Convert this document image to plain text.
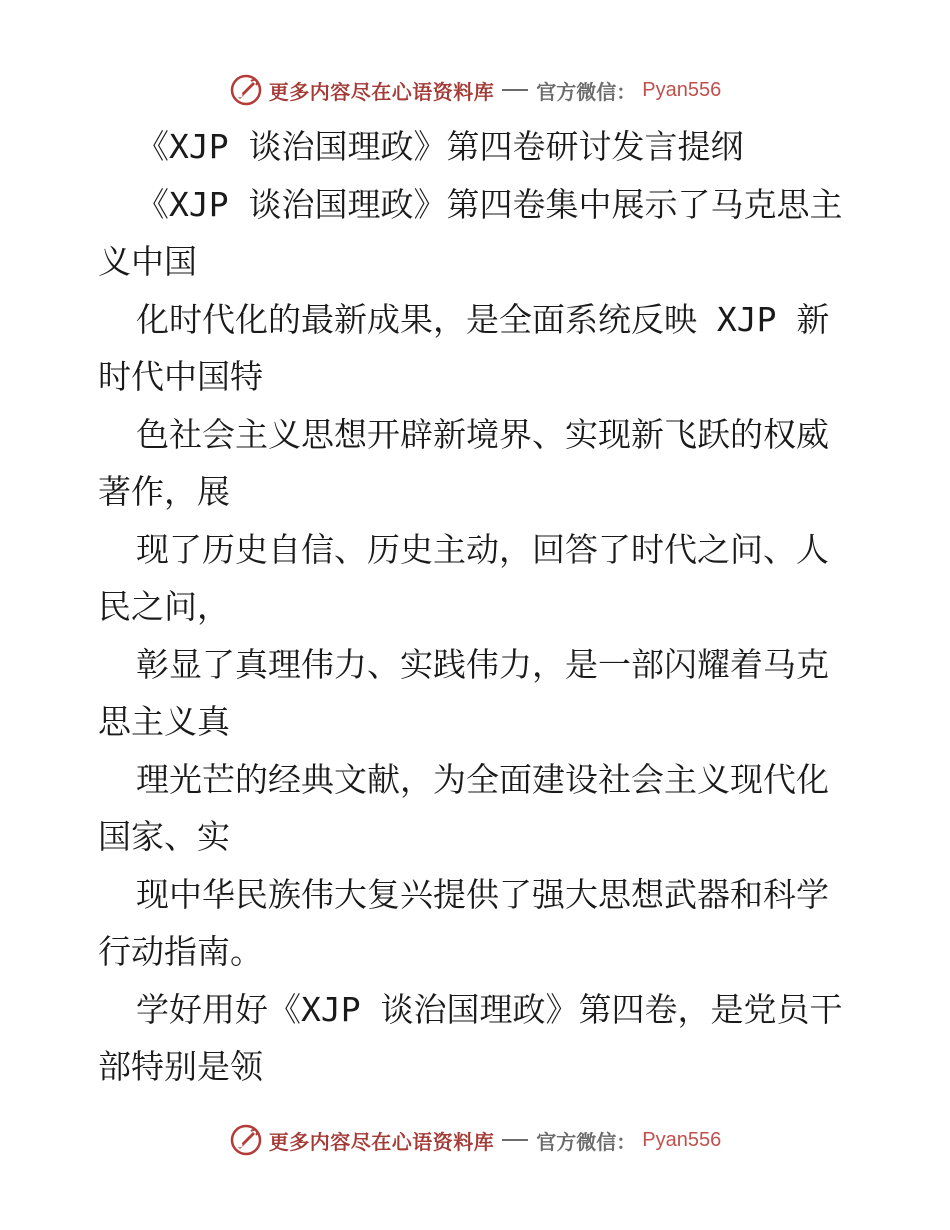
更多内容尽在心语资料库 官方微信： Pyan556
《XJP 谈治国理政》第四卷研讨发言提纲
《XJP 谈治国理政》第四卷集中展示了马克思主
义中国
化时代化的最新成果，是全面系统反映 XJP 新
时代中国特
色社会主义思想开辟新境界、实现新飞跃的权威
著作，展
现了历史自信、历史主动，回答了时代之问、人
民之问，
彰显了真理伟力、实践伟力，是一部闪耀着马克
思主义真
理光芒的经典文献，为全面建设社会主义现代化
国家、实
现中华民族伟大复兴提供了强大思想武器和科学
行动指南。
学好用好《XJP 谈治国理政》第四卷，是党员干
部特别是领
更多内容尽在心语资料库 官方微信： Pyan556
